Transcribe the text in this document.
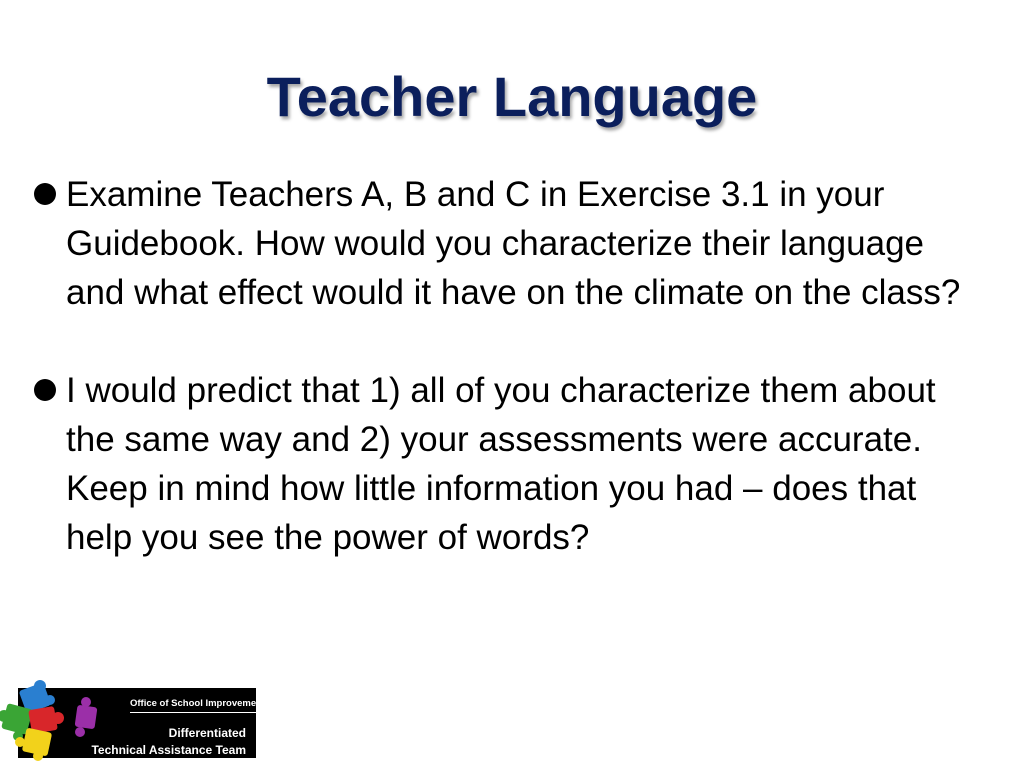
Teacher Language
Examine Teachers A, B and C in Exercise 3.1 in your Guidebook. How would you characterize their language and what effect would it have on the climate on the class?
I would predict that 1) all of you characterize them about the same way and 2) your assessments were accurate. Keep in mind how little information you had – does that help you see the power of words?
Office of School Improvement
Differentiated
Technical Assistance Team
